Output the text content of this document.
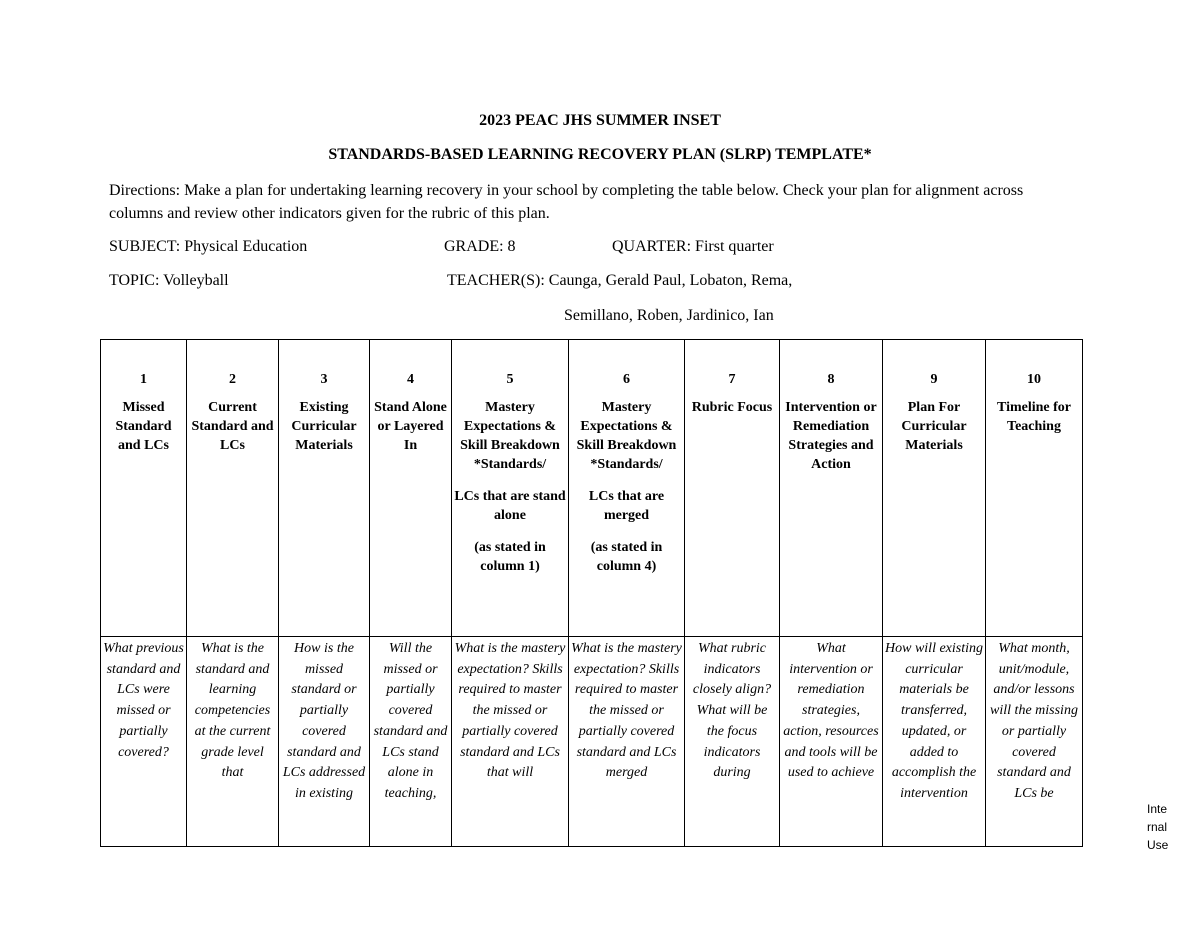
2023 PEAC JHS SUMMER INSET
STANDARDS-BASED LEARNING RECOVERY PLAN (SLRP) TEMPLATE*
Directions: Make a plan for undertaking learning recovery in your school by completing the table below. Check your plan for alignment across columns and review other indicators given for the rubric of this plan.
SUBJECT: Physical Education	GRADE: 8	QUARTER: First quarter
TOPIC: Volleyball	TEACHER(S): Caunga, Gerald Paul, Lobaton, Rema,
Semillano, Roben, Jardinico, Ian
1
Missed Standard and LCs	2
Current Standard and LCs	3
Existing Curricular Materials	4
Stand Alone or Layered In	5
Mastery Expectations & Skill Breakdown *Standards/
LCs that are stand alone
(as stated in column 1)	6
Mastery Expectations & Skill Breakdown *Standards/
LCs that are merged
(as stated in column 4)	7
Rubric Focus	8
Intervention or Remediation Strategies and Action	9
Plan For Curricular Materials	10
Timeline for Teaching

What previous standard and LCs were missed or partially covered?	What is the standard and learning competencies at the current grade level that	How is the missed standard or partially covered standard and LCs addressed in existing	Will the missed or partially covered standard and LCs stand alone in teaching,	What is the mastery expectation? Skills required to master the missed or partially covered standard and LCs that will	What is the mastery expectation? Skills required to master the missed or partially covered standard and LCs merged	What rubric indicators closely align? What will be the focus indicators during	What intervention or remediation strategies, action, resources and tools will be used to achieve	How will existing curricular materials be transferred, updated, or added to accomplish the intervention	What month, unit/module, and/or lessons will the missing or partially covered standard and LCs be
Internal Use
